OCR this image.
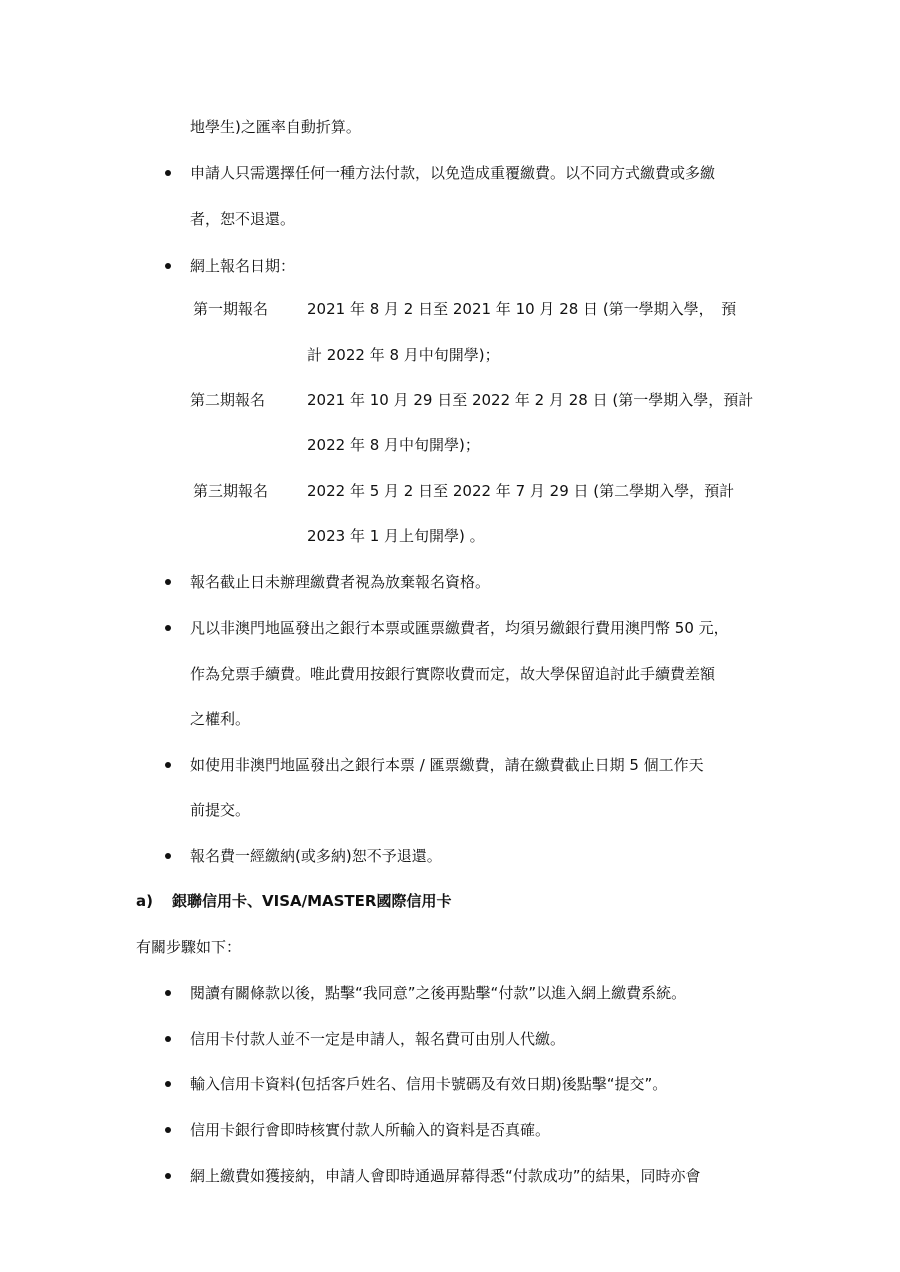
地學生)之匯率自動折算。
申請人只需選擇任何一種方法付款，以免造成重覆繳費。以不同方式繳費或多繳
者，恕不退還。
網上報名日期：
第一期報名	2021 年 8 月 2 日至 2021 年 10 月 28 日 (第一學期入學，　預
計 2022 年 8 月中旬開學)；
第二期報名	2021 年 10 月 29 日至 2022 年 2 月 28 日 (第一學期入學，預計
2022 年 8 月中旬開學)；
第三期報名	2022 年 5 月 2 日至 2022 年 7 月 29 日 (第二學期入學，預計
2023 年 1 月上旬開學) 。
報名截止日未辦理繳費者視為放棄報名資格。
凡以非澳門地區發出之銀行本票或匯票繳費者，均須另繳銀行費用澳門幣 50 元，
作為兌票手續費。唯此費用按銀行實際收費而定，故大學保留追討此手續費差額
之權利。
如使用非澳門地區發出之銀行本票 / 匯票繳費，請在繳費截止日期 5 個工作天
前提交。
報名費一經繳納(或多納)恕不予退還。
a) 銀聯信用卡、VISA/MASTER國際信用卡
有關步驟如下：
閱讀有關條款以後，點擊“我同意”之後再點擊“付款”以進入網上繳費系統。
信用卡付款人並不一定是申請人，報名費可由別人代繳。
輸入信用卡資料(包括客戶姓名、信用卡號碼及有效日期)後點擊“提交”。
信用卡銀行會即時核實付款人所輸入的資料是否真確。
網上繳費如獲接納，申請人會即時通過屏幕得悉“付款成功”的結果，同時亦會
